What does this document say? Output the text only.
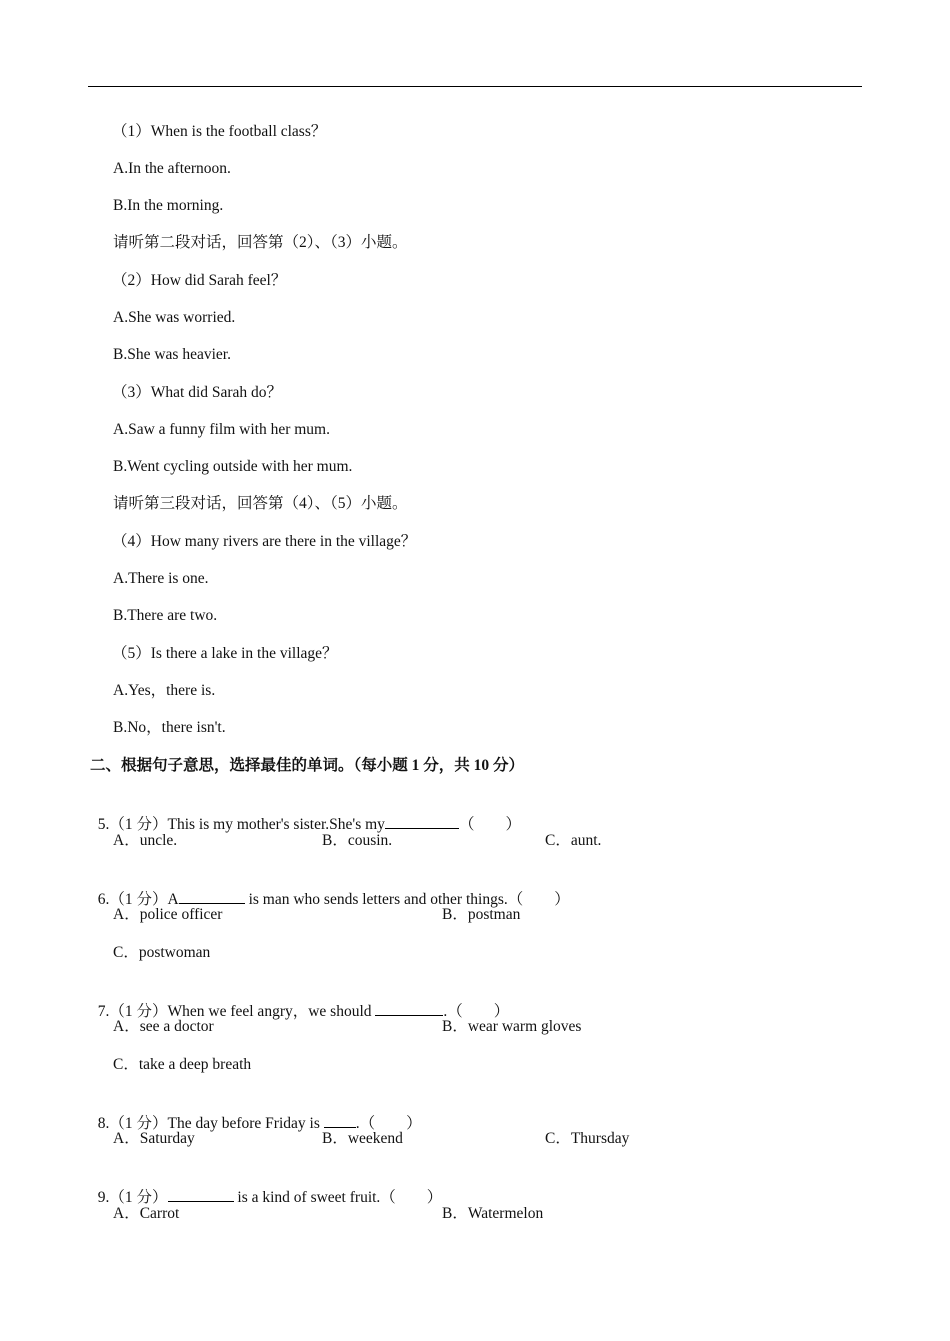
（1）When is the football class？
A.In the afternoon.
B.In the morning.
请听第二段对话，回答第（2）、（3）小题。
（2）How did Sarah feel？
A.She was worried.
B.She was heavier.
（3）What did Sarah do？
A.Saw a funny film with her mum.
B.Went cycling outside with her mum.
请听第三段对话，回答第（4）、（5）小题。
（4）How many rivers are there in the village？
A.There is one.
B.There are two.
（5）Is there a lake in the village？
A.Yes，there is.
B.No，there isn't.
二、根据句子意思，选择最佳的单词。（每小题 1 分，共 10 分）

5.（1 分）This is my mother's sister.She's my	（　　）

A．uncle.	B．cousin.	C．aunt.

6.（1 分）A	is man who sends letters and other things.（　　）

A．police officer	B．postman
C．postwoman

7.（1 分）When we feel angry，we should	.（　　）

A．see a doctor	B．wear warm gloves
C．take a deep breath

8.（1 分）The day before Friday is .（　　）

A．Saturday	B．weekend	C．Thursday

9.（1 分）	is a kind of sweet fruit.（　　）

A．Carrot	B．Watermelon
